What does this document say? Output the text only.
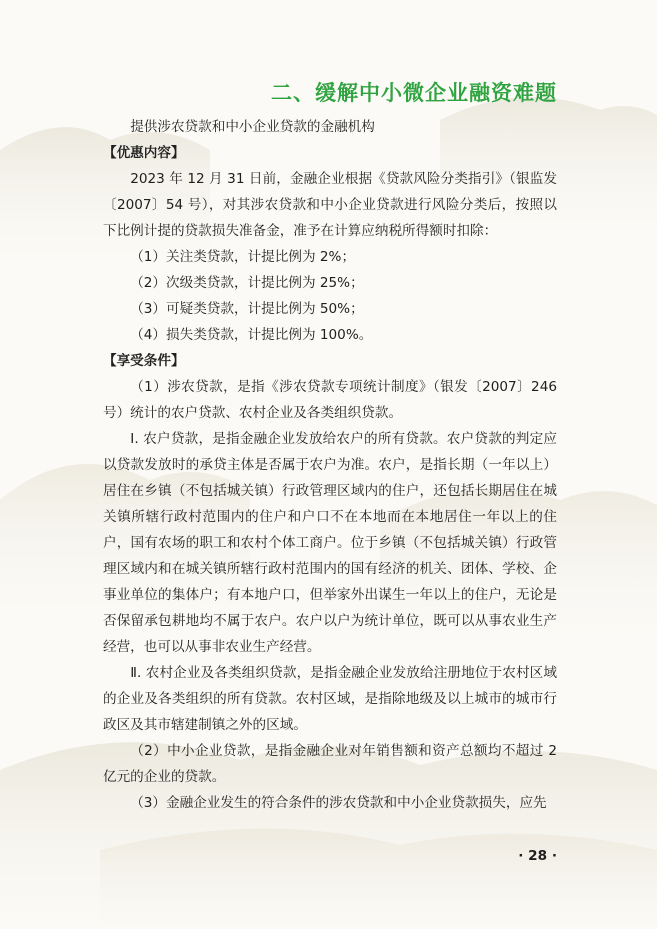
二、缓解中小微企业融资难题

提供涉农贷款和中小企业贷款的金融机构

【优惠内容】

2023 年 12 月 31 日前，金融企业根据《贷款风险分类指引》（银监发〔2007〕54 号），对其涉农贷款和中小企业贷款进行风险分类后，按照以下比例计提的贷款损失准备金，准予在计算应纳税所得额时扣除：

（1）关注类贷款，计提比例为 2%；

（2）次级类贷款，计提比例为 25%；

（3）可疑类贷款，计提比例为 50%；

（4）损失类贷款，计提比例为 100%。

【享受条件】

（1）涉农贷款，是指《涉农贷款专项统计制度》（银发〔2007〕246 号）统计的农户贷款、农村企业及各类组织贷款。

Ⅰ. 农户贷款，是指金融企业发放给农户的所有贷款。农户贷款的判定应以贷款发放时的承贷主体是否属于农户为准。农户，是指长期（一年以上）居住在乡镇（不包括城关镇）行政管理区域内的住户，还包括长期居住在城关镇所辖行政村范围内的住户和户口不在本地而在本地居住一年以上的住户，国有农场的职工和农村个体工商户。位于乡镇（不包括城关镇）行政管理区域内和在城关镇所辖行政村范围内的国有经济的机关、团体、学校、企事业单位的集体户；有本地户口，但举家外出谋生一年以上的住户，无论是否保留承包耕地均不属于农户。农户以户为统计单位，既可以从事农业生产经营，也可以从事非农业生产经营。

Ⅱ. 农村企业及各类组织贷款，是指金融企业发放给注册地位于农村区域的企业及各类组织的所有贷款。农村区域，是指除地级及以上城市的城市行政区及其市辖建制镇之外的区域。

（2）中小企业贷款，是指金融企业对年销售额和资产总额均不超过 2 亿元的企业的贷款。

（3）金融企业发生的符合条件的涉农贷款和中小企业贷款损失，应先

· 28 ·
